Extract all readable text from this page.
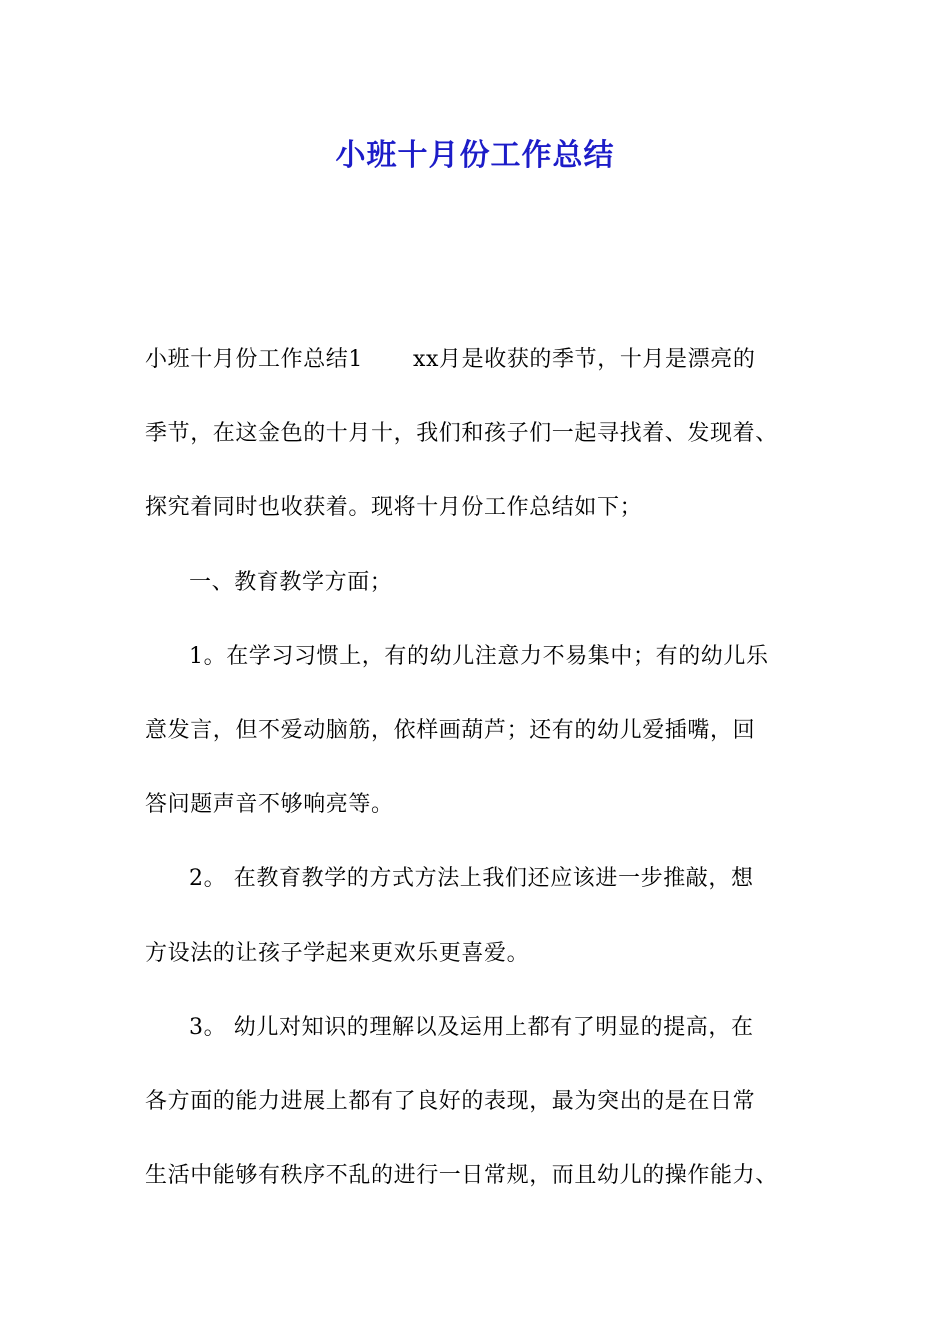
小班十月份工作总结
小班十月份工作总结1 xx月是收获的季节，十月是漂亮的
季节，在这金色的十月十，我们和孩子们一起寻找着、发现着、
探究着同时也收获着。现将十月份工作总结如下；
一、教育教学方面；
1。在学习习惯上，有的幼儿注意力不易集中；有的幼儿乐
意发言，但不爱动脑筋，依样画葫芦；还有的幼儿爱插嘴，回
答问题声音不够响亮等。
2。 在教育教学的方式方法上我们还应该进一步推敲，想
方设法的让孩子学起来更欢乐更喜爱。
3。 幼儿对知识的理解以及运用上都有了明显的提高，在
各方面的能力进展上都有了良好的表现，最为突出的是在日常
生活中能够有秩序不乱的进行一日常规，而且幼儿的操作能力、
